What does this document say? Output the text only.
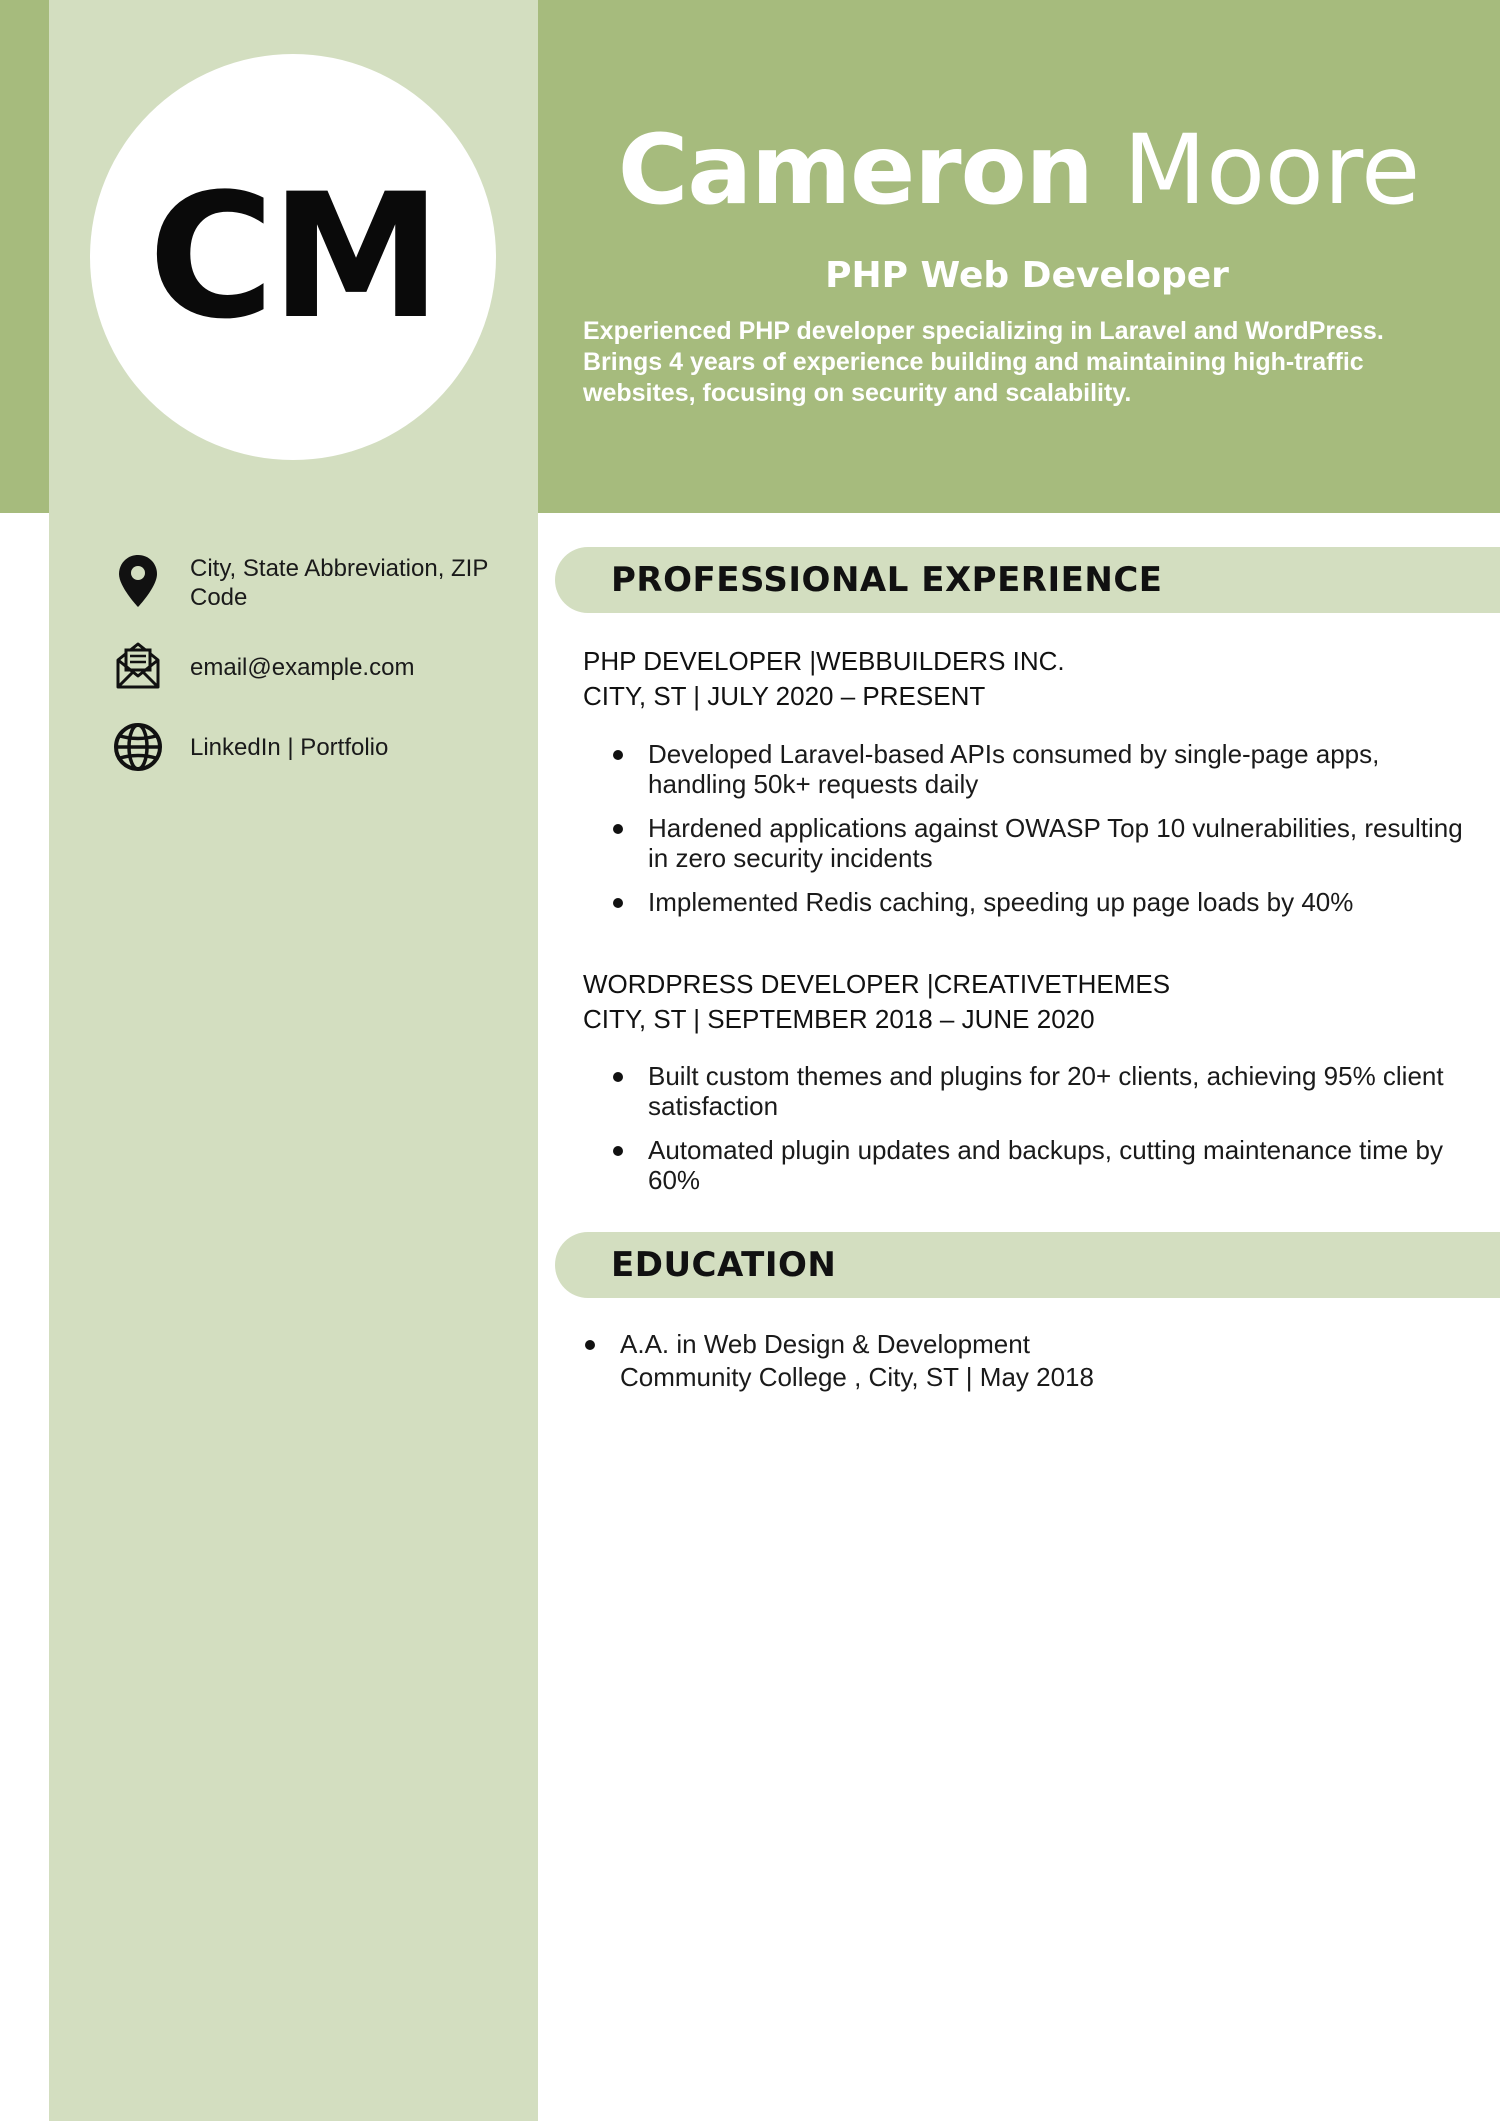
CM	Cameron Moore
PHP Web Developer
Experienced PHP developer specializing in Laravel and WordPress. Brings 4 years of experience building and maintaining high-traffic websites, focusing on security and scalability.
City, State Abbreviation, ZIP Code
email@example.com
LinkedIn | Portfolio
PROFESSIONAL EXPERIENCE
PHP DEVELOPER |WEBBUILDERS INC.
CITY, ST | JULY 2020 – PRESENT
Developed Laravel-based APIs consumed by single-page apps, handling 50k+ requests daily
Hardened applications against OWASP Top 10 vulnerabilities, resulting in zero security incidents
Implemented Redis caching, speeding up page loads by 40%
WORDPRESS DEVELOPER |CREATIVETHEMES
CITY, ST | SEPTEMBER 2018 – JUNE 2020
Built custom themes and plugins for 20+ clients, achieving 95% client satisfaction
Automated plugin updates and backups, cutting maintenance time by 60%
EDUCATION
A.A. in Web Design & Development
Community College , City, ST | May 2018
